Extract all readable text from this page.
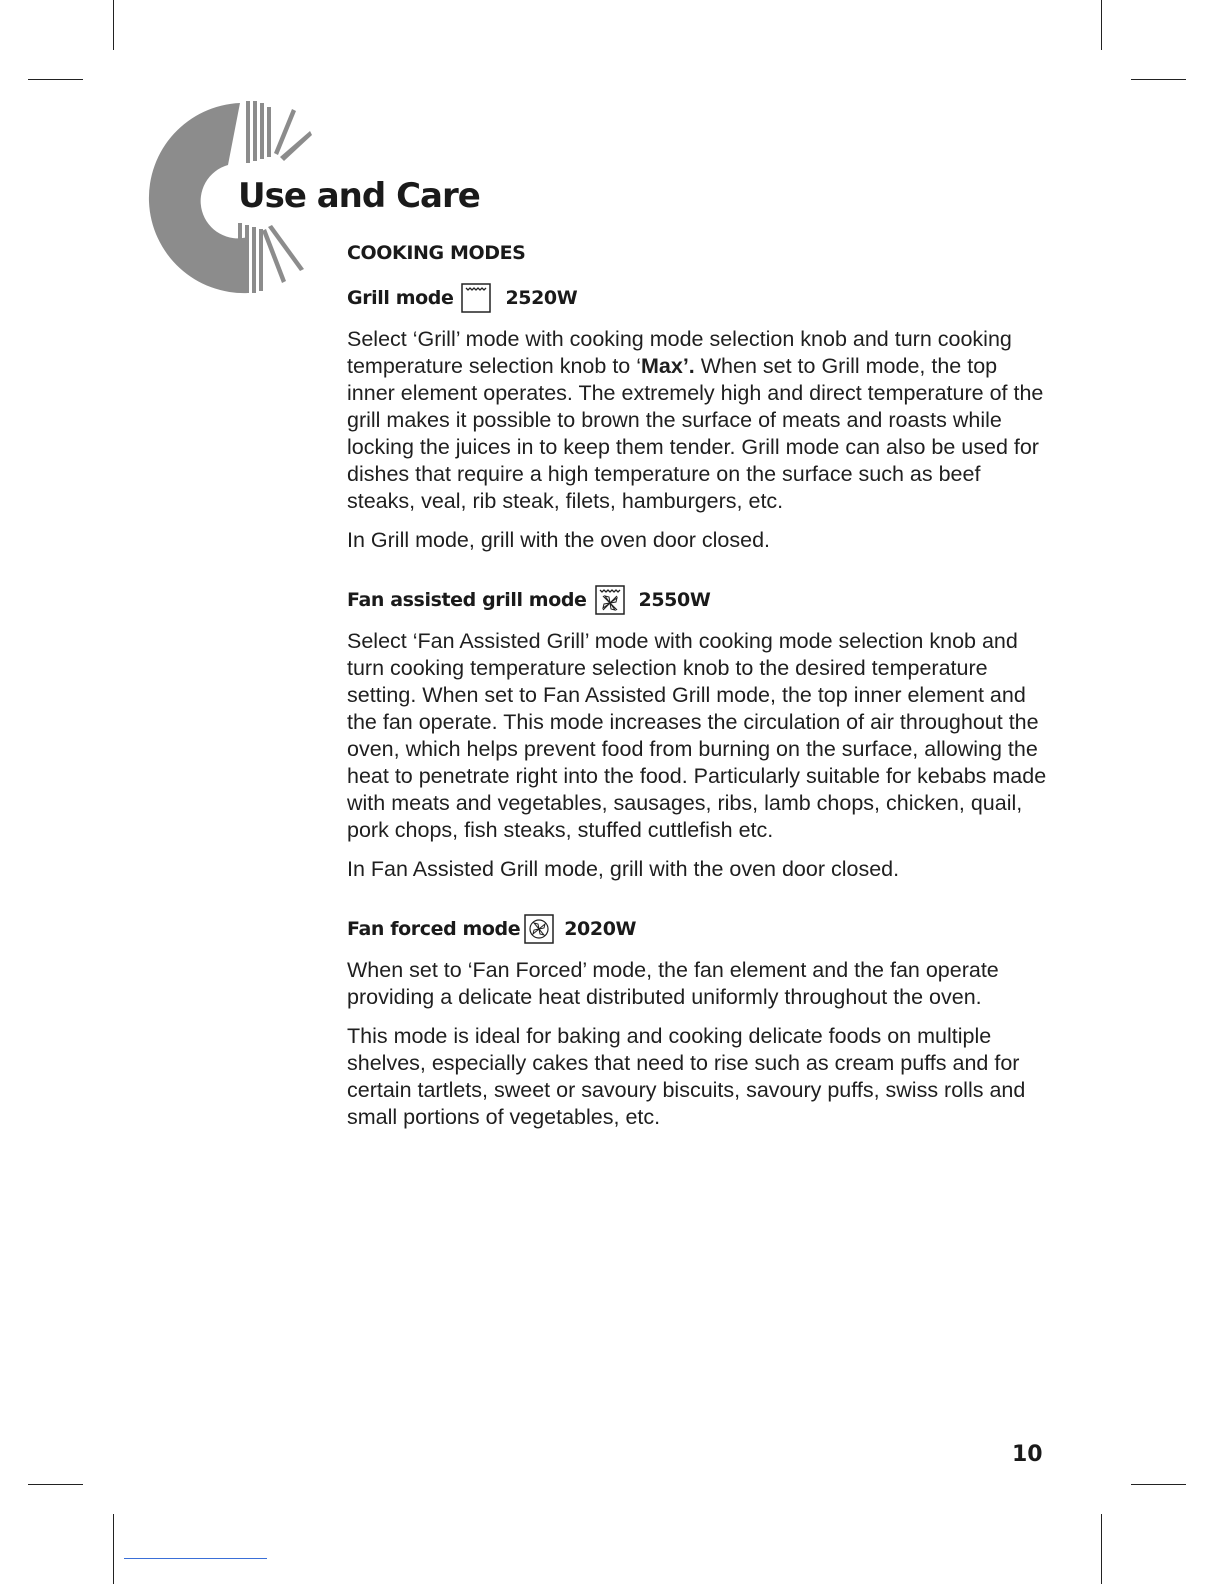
Use and Care
COOKING MODES
Grill mode	2520W

Select ‘Grill’ mode with cooking mode selection knob and turn cooking temperature selection knob to ‘Max’. When set to Grill mode, the top inner element operates. The extremely high and direct temperature of the grill makes it possible to brown the surface of meats and roasts while locking the juices in to keep them tender. Grill mode can also be used for dishes that require a high temperature on the surface such as beef steaks, veal, rib steak, filets, hamburgers, etc.

In Grill mode, grill with the oven door closed.

Fan assisted grill mode	2550W

Select ‘Fan Assisted Grill’ mode with cooking mode selection knob and turn cooking temperature selection knob to the desired temperature setting. When set to Fan Assisted Grill mode, the top inner element and the fan operate. This mode increases the circulation of air throughout the oven, which helps prevent food from burning on the surface, allowing the heat to penetrate right into the food. Particularly suitable for kebabs made with meats and vegetables, sausages, ribs, lamb chops, chicken, quail, pork chops, fish steaks, stuffed cuttlefish etc.

In Fan Assisted Grill mode, grill with the oven door closed.

Fan forced mode 2020W

When set to ‘Fan Forced’ mode, the fan element and the fan operate providing a delicate heat distributed uniformly throughout the oven.

This mode is ideal for baking and cooking delicate foods on multiple shelves, especially cakes that need to rise such as cream puffs and for certain tartlets, sweet or savoury biscuits, savoury puffs, swiss rolls and small portions of vegetables, etc.

10
